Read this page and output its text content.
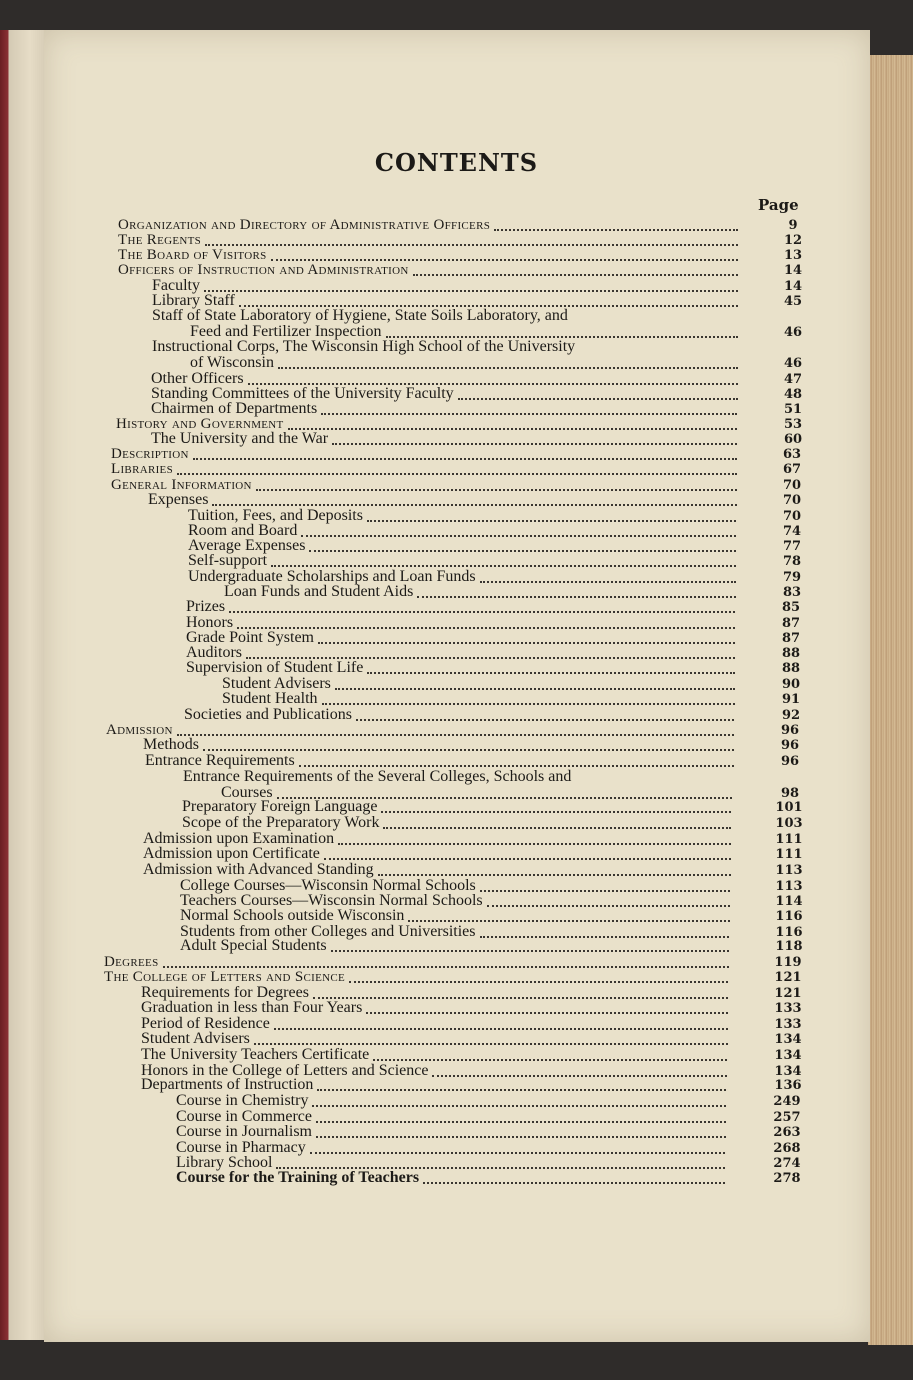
CONTENTS
Page
Organization and Directory of Administrative Officers	9
The Regents	12
The Board of Visitors	13
Officers of Instruction and Administration	14
Faculty	14
Library Staff	45
Staff of State Laboratory of Hygiene, State Soils Laboratory, and
Feed and Fertilizer Inspection	46
Instructional Corps, The Wisconsin High School of the University
of Wisconsin	46
Other Officers	47
Standing Committees of the University Faculty	48
Chairmen of Departments	51
History and Government	53
The University and the War	60
Description	63
Libraries	67
General Information	70
Expenses	70
Tuition, Fees, and Deposits	70
Room and Board	74
Average Expenses	77
Self-support	78
Undergraduate Scholarships and Loan Funds	79
Loan Funds and Student Aids	83
Prizes	85
Honors	87
Grade Point System	87
Auditors	88
Supervision of Student Life	88
Student Advisers	90
Student Health	91
Societies and Publications	92
Admission	96
Methods	96
Entrance Requirements	96
Entrance Requirements of the Several Colleges, Schools and
Courses	98
Preparatory Foreign Language	101
Scope of the Preparatory Work	103
Admission upon Examination	111
Admission upon Certificate	111
Admission with Advanced Standing	113
College Courses—Wisconsin Normal Schools	113
Teachers Courses—Wisconsin Normal Schools	114
Normal Schools outside Wisconsin	116
Students from other Colleges and Universities	116
Adult Special Students	118
Degrees	119
The College of Letters and Science	121
Requirements for Degrees	121
Graduation in less than Four Years	133
Period of Residence	133
Student Advisers	134
The University Teachers Certificate	134
Honors in the College of Letters and Science	134
Departments of Instruction	136
Course in Chemistry	249
Course in Commerce	257
Course in Journalism	263
Course in Pharmacy	268
Library School	274
Course for the Training of Teachers	278
